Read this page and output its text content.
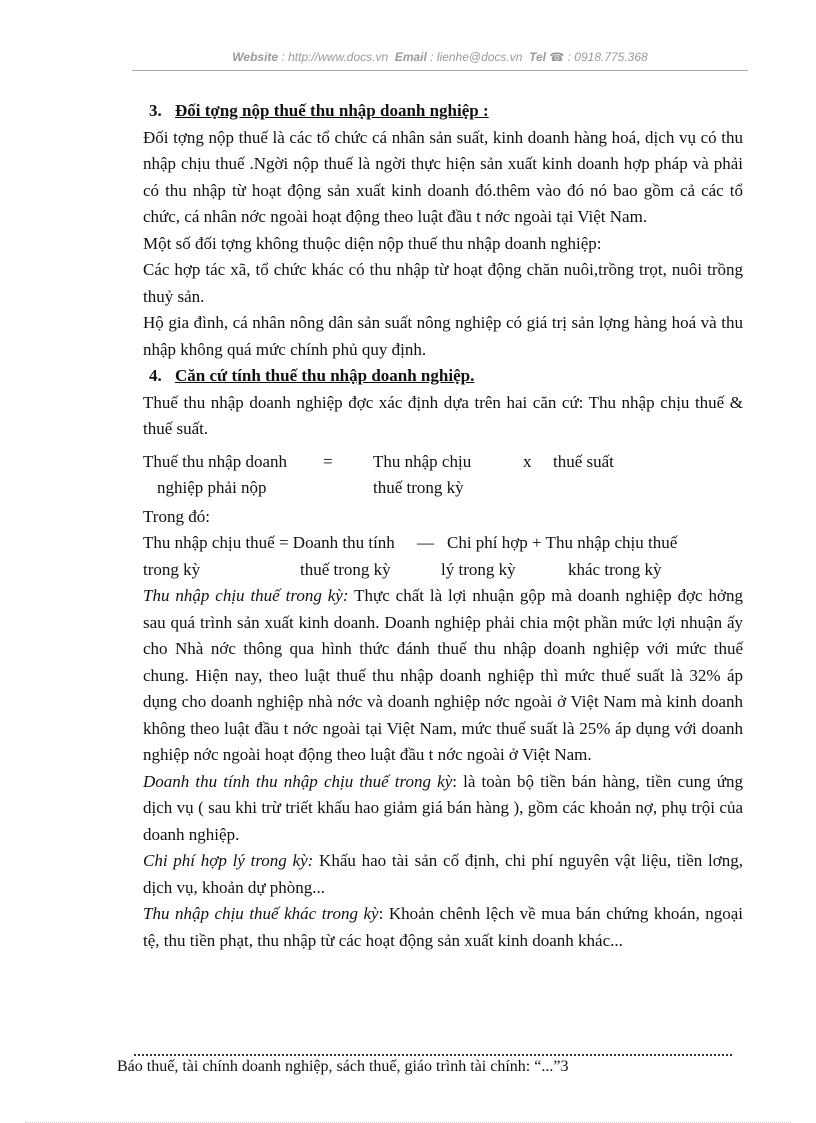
Website : http://www.docs.vn Email : lienhe@docs.vn Tel ☎ : 0918.775.368

3. Đối tợng nộp thuế thu nhập doanh nghiệp :

Đối tợng nộp thuế là các tổ chức cá nhân sản suất, kinh doanh hàng hoá, dịch vụ có thu nhập chịu thuế .Ngời nộp thuế là ngời thực hiện sản xuất kinh doanh hợp pháp và phải có thu nhập từ hoạt động sản xuất kinh doanh đó.thêm vào đó nó bao gồm cả các tổ chức, cá nhân nớc ngoài hoạt động theo luật đầu t nớc ngoài tại Việt Nam.

Một số đối tợng không thuộc diện nộp thuế thu nhập doanh nghiệp:

Các hợp tác xã, tổ chức khác có thu nhập từ hoạt động chăn nuôi,trồng trọt, nuôi trồng thuỷ sản.

Hộ gia đình, cá nhân nông dân sản suất nông nghiệp có giá trị sản lợng hàng hoá và thu nhập không quá mức chính phủ quy định.

4. Căn cứ tính thuế thu nhập doanh nghiệp.

Thuế thu nhập doanh nghiệp đợc xác định dựa trên hai căn cứ: Thu nhập chịu thuế & thuế suất.

Thuế thu nhập doanh	=	Thu nhập chịu	x	thuế suất
nghiệp phải nộp	thuế trong kỳ

Trong đó:

Thu nhập chịu thuế = Doanh thu tính	— Chi phí hợp + Thu nhập chịu thuế
trong kỳ	thuế trong kỳ	lý trong kỳ	khác trong kỳ

Thu nhập chịu thuế trong kỳ: Thực chất là lợi nhuận gộp mà doanh nghiệp đợc hởng sau quá trình sản xuất kinh doanh. Doanh nghiệp phải chia một phần mức lợi nhuận ấy cho Nhà nớc thông qua hình thức đánh thuế thu nhập doanh nghiệp với mức thuế chung. Hiện nay, theo luật thuế thu nhập doanh nghiệp thì mức thuế suất là 32% áp dụng cho doanh nghiệp nhà nớc và doanh nghiệp nớc ngoài ở Việt Nam mà kinh doanh không theo luật đầu t nớc ngoài tại Việt Nam, mức thuế suất là 25% áp dụng với doanh nghiệp nớc ngoài hoạt động theo luật đầu t nớc ngoài ở Việt Nam.

Doanh thu tính thu nhập chịu thuế trong kỳ: là toàn bộ tiền bán hàng, tiền cung ứng dịch vụ ( sau khi trừ triết khấu hao giảm giá bán hàng ), gồm các khoản nợ, phụ trội của doanh nghiệp.

Chi phí hợp lý trong kỳ: Khấu hao tài sản cố định, chi phí nguyên vật liệu, tiền lơng, dịch vụ, khoản dự phòng...

Thu nhập chịu thuế khác trong kỳ: Khoản chênh lệch về mua bán chứng khoán, ngoại tệ, thu tiền phạt, thu nhập từ các hoạt động sản xuất kinh doanh khác...

Báo thuế, tài chính doanh nghiệp, sách thuế, giáo trình tài chính: “...”3
